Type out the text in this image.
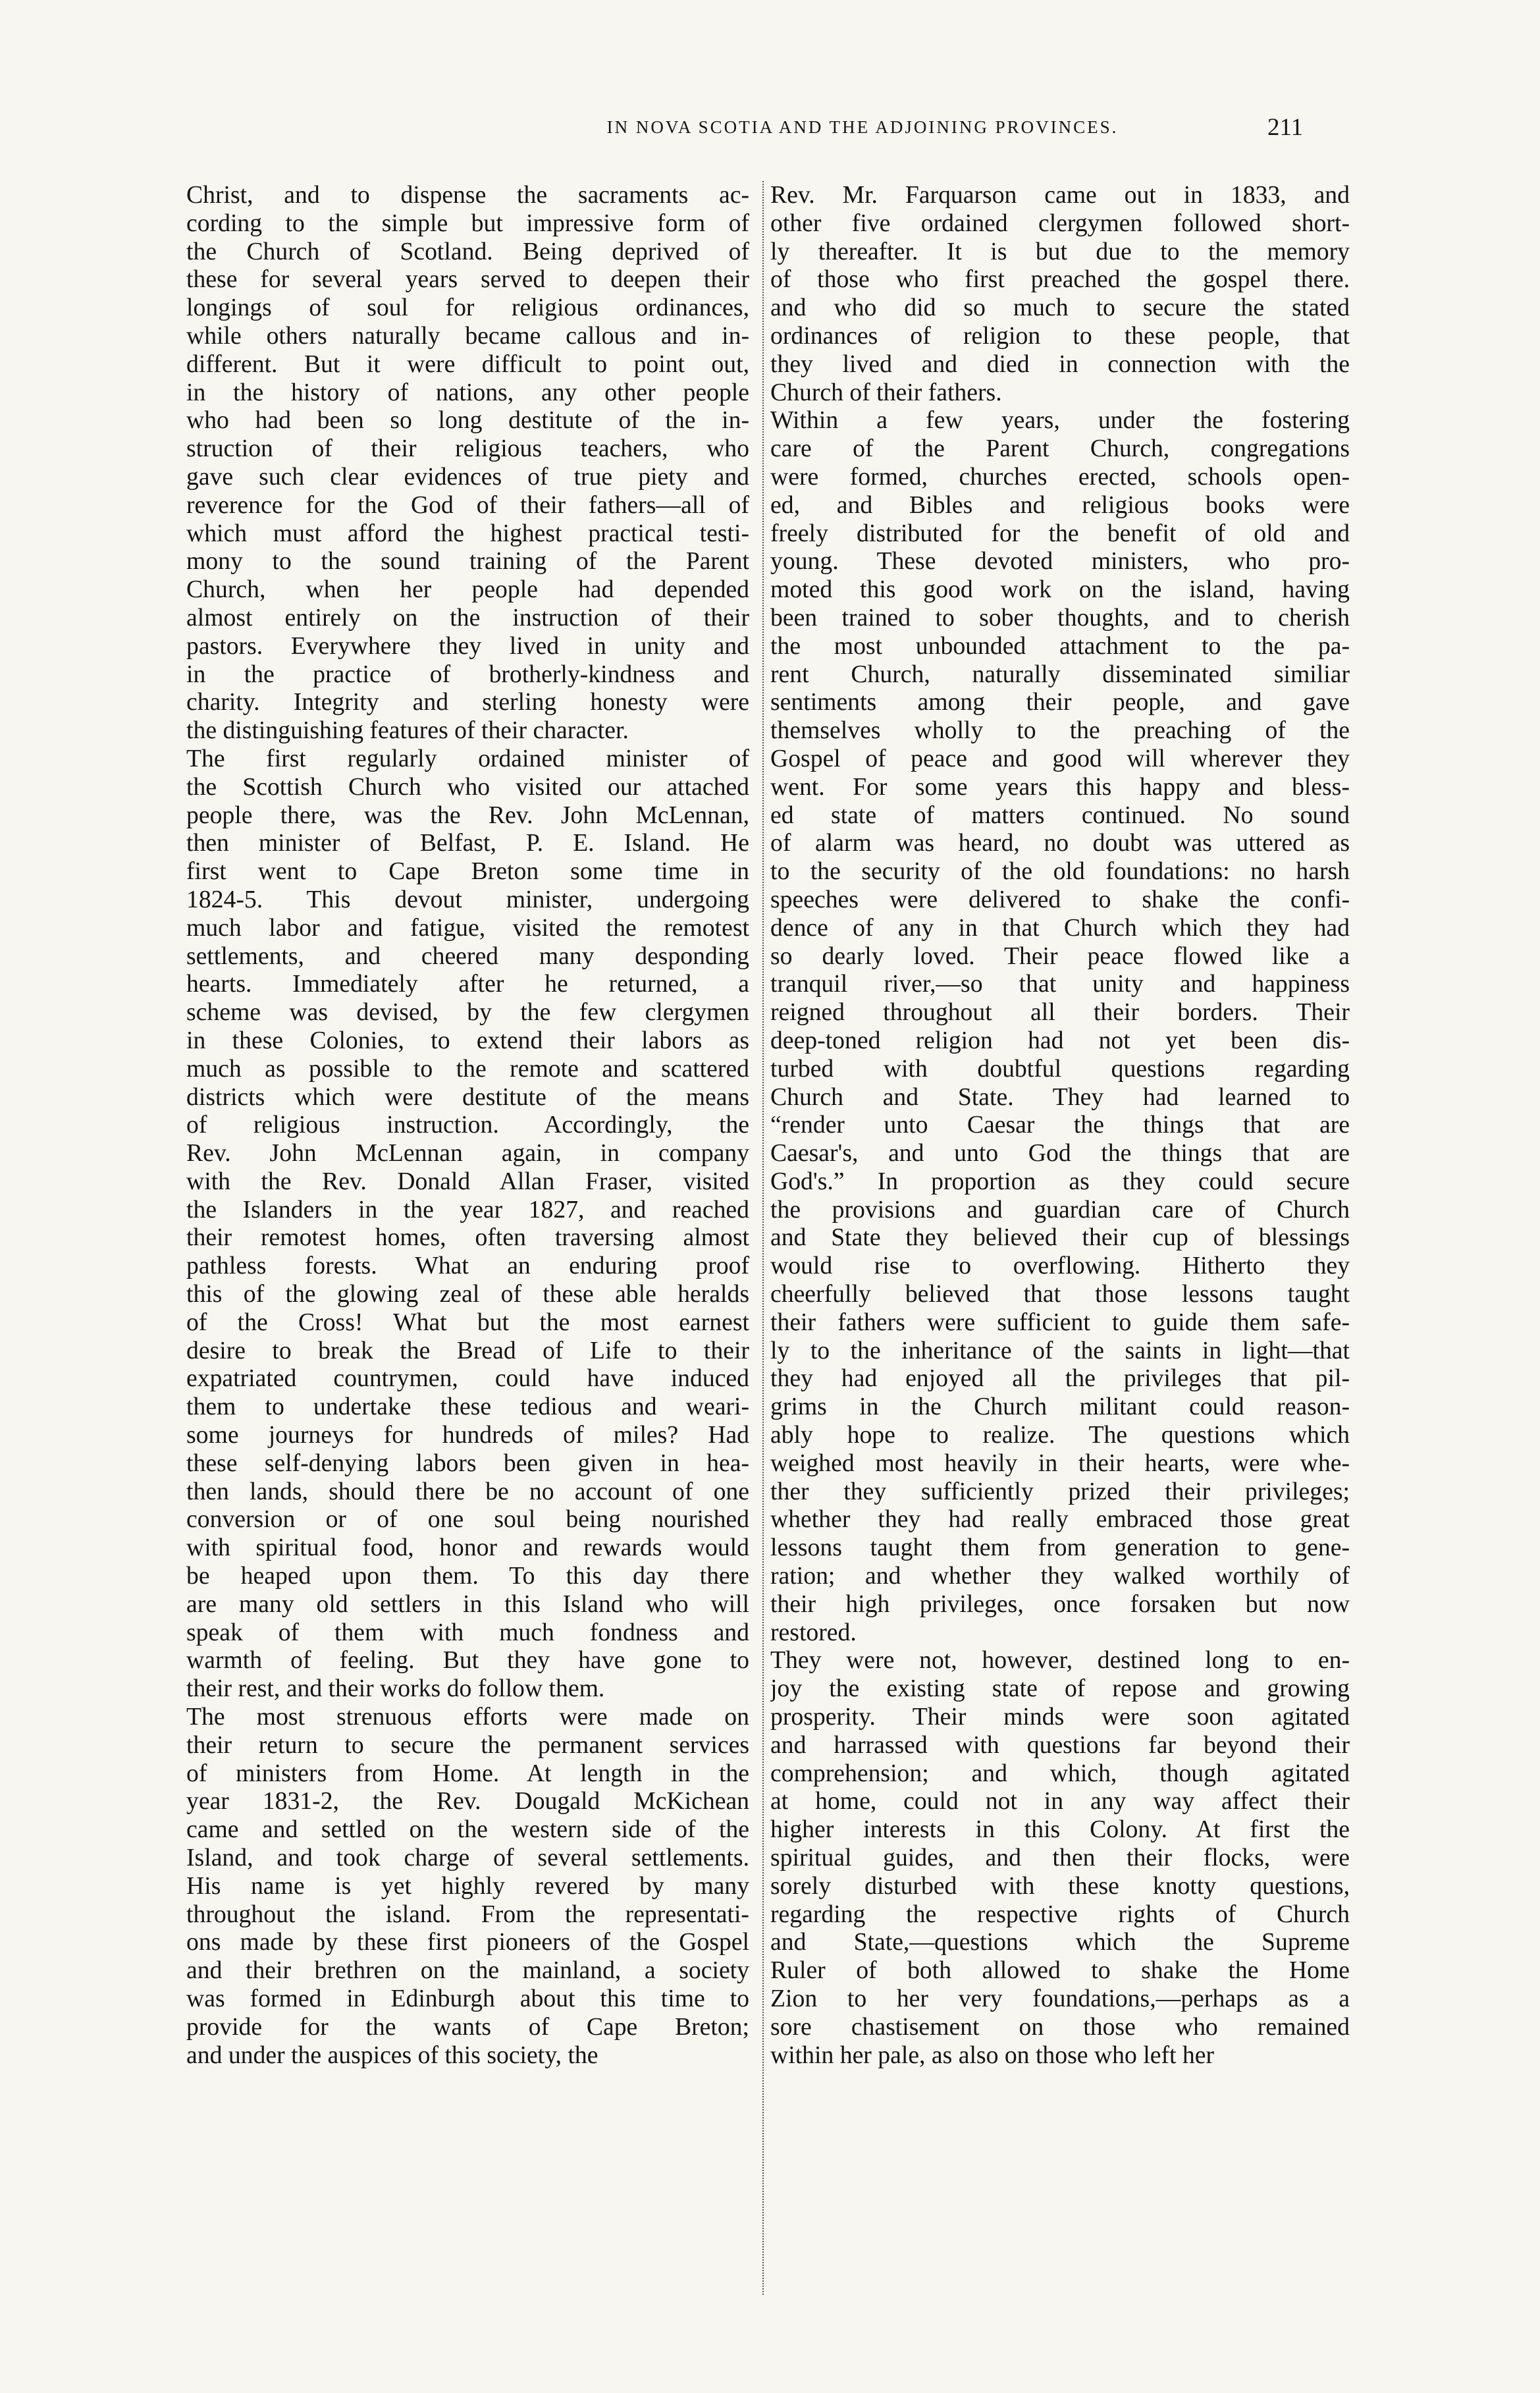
IN NOVA SCOTIA AND THE ADJOINING PROVINCES.	211
Christ, and to dispense the sacraments ac-
cording to the simple but impressive form of
the Church of Scotland. Being deprived of
these for several years served to deepen their
longings of soul for religious ordinances,
while others naturally became callous and in-
different. But it were difficult to point out,
in the history of nations, any other people
who had been so long destitute of the in-
struction of their religious teachers, who
gave such clear evidences of true piety and
reverence for the God of their fathers—all of
which must afford the highest practical testi-
mony to the sound training of the Parent
Church, when her people had depended
almost entirely on the instruction of their
pastors. Everywhere they lived in unity and
in the practice of brotherly-kindness and
charity. Integrity and sterling honesty were
the distinguishing features of their character.
The first regularly ordained minister of
the Scottish Church who visited our attached
people there, was the Rev. John McLennan,
then minister of Belfast, P. E. Island. He
first went to Cape Breton some time in
1824-5. This devout minister, undergoing
much labor and fatigue, visited the remotest
settlements, and cheered many desponding
hearts. Immediately after he returned, a
scheme was devised, by the few clergymen
in these Colonies, to extend their labors as
much as possible to the remote and scattered
districts which were destitute of the means
of religious instruction. Accordingly, the
Rev. John McLennan again, in company
with the Rev. Donald Allan Fraser, visited
the Islanders in the year 1827, and reached
their remotest homes, often traversing almost
pathless forests. What an enduring proof
this of the glowing zeal of these able heralds
of the Cross! What but the most earnest
desire to break the Bread of Life to their
expatriated countrymen, could have induced
them to undertake these tedious and weari-
some journeys for hundreds of miles? Had
these self-denying labors been given in hea-
then lands, should there be no account of one
conversion or of one soul being nourished
with spiritual food, honor and rewards would
be heaped upon them. To this day there
are many old settlers in this Island who will
speak of them with much fondness and
warmth of feeling. But they have gone to
their rest, and their works do follow them.
The most strenuous efforts were made on
their return to secure the permanent services
of ministers from Home. At length in the
year 1831-2, the Rev. Dougald McKichean
came and settled on the western side of the
Island, and took charge of several settlements.
His name is yet highly revered by many
throughout the island. From the representati-
ons made by these first pioneers of the Gospel
and their brethren on the mainland, a society
was formed in Edinburgh about this time to
provide for the wants of Cape Breton;
and under the auspices of this society, the
Rev. Mr. Farquarson came out in 1833, and
other five ordained clergymen followed short-
ly thereafter. It is but due to the memory
of those who first preached the gospel there.
and who did so much to secure the stated
ordinances of religion to these people, that
they lived and died in connection with the
Church of their fathers.
Within a few years, under the fostering
care of the Parent Church, congregations
were formed, churches erected, schools open-
ed, and Bibles and religious books were
freely distributed for the benefit of old and
young. These devoted ministers, who pro-
moted this good work on the island, having
been trained to sober thoughts, and to cherish
the most unbounded attachment to the pa-
rent Church, naturally disseminated similiar
sentiments among their people, and gave
themselves wholly to the preaching of the
Gospel of peace and good will wherever they
went. For some years this happy and bless-
ed state of matters continued. No sound
of alarm was heard, no doubt was uttered as
to the security of the old foundations: no harsh
speeches were delivered to shake the confi-
dence of any in that Church which they had
so dearly loved. Their peace flowed like a
tranquil river,—so that unity and happiness
reigned throughout all their borders. Their
deep-toned religion had not yet been dis-
turbed with doubtful questions regarding
Church and State. They had learned to
“render unto Caesar the things that are
Caesar's, and unto God the things that are
God's.” In proportion as they could secure
the provisions and guardian care of Church
and State they believed their cup of blessings
would rise to overflowing. Hitherto they
cheerfully believed that those lessons taught
their fathers were sufficient to guide them safe-
ly to the inheritance of the saints in light—that
they had enjoyed all the privileges that pil-
grims in the Church militant could reason-
ably hope to realize. The questions which
weighed most heavily in their hearts, were whe-
ther they sufficiently prized their privileges;
whether they had really embraced those great
lessons taught them from generation to gene-
ration; and whether they walked worthily of
their high privileges, once forsaken but now
restored.
They were not, however, destined long to en-
joy the existing state of repose and growing
prosperity. Their minds were soon agitated
and harrassed with questions far beyond their
comprehension; and which, though agitated
at home, could not in any way affect their
higher interests in this Colony. At first the
spiritual guides, and then their flocks, were
sorely disturbed with these knotty questions,
regarding the respective rights of Church
and State,—questions which the Supreme
Ruler of both allowed to shake the Home
Zion to her very foundations,—perhaps as a
sore chastisement on those who remained
within her pale, as also on those who left her
